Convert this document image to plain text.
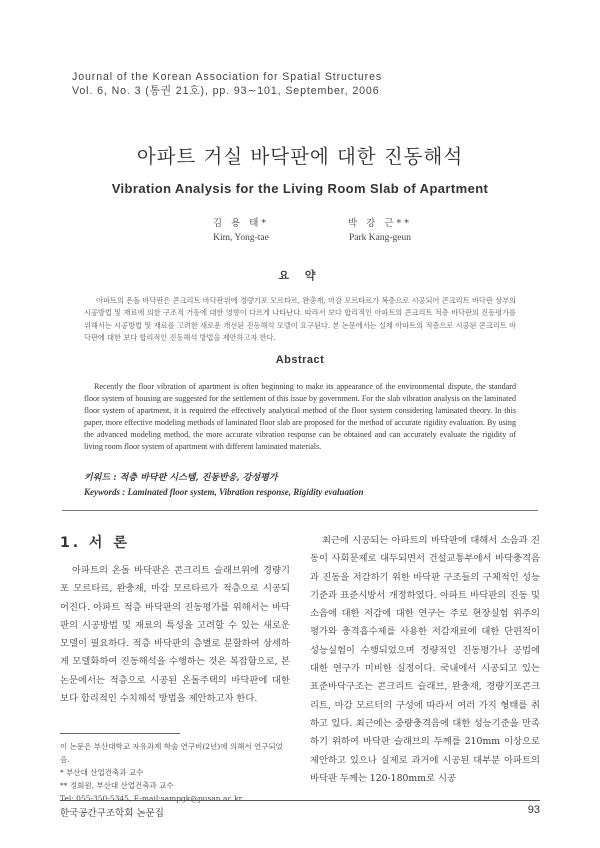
Journal of the Korean Association for Spatial Structures
Vol. 6, No. 3 (통권 21호), pp. 93∼101, September, 2006
아파트 거실 바닥판에 대한 진동해석
Vibration Analysis for the Living Room Slab of Apartment
김 용 태*
Kim, Yong-tae
박 강 근**
Park Kang-geun
요 약
아파트의 온돌 바닥판은 콘크리트 바닥판위에 경량기포 모르타르, 완충재, 마감 모르타르가 복층으로 시공되어 콘크리트 바닥판 상부의 시공방법 및 재료에 의한 구조적 거동에 대한 영향이 다르게 나타난다. 따라서 보다 합리적인 아파트의 콘크리트 적층 바닥판의 진동평가를 위해서는 시공방법 및 재료를 고려한 새로운 개선된 진동해석 모델이 요구된다. 본 논문에서는 실제 아파트의 적층으로 시공된 콘크리트 바닥판에 대한 보다 합리적인 진동해석 방법을 제안하고자 한다.
Abstract
Recently the floor vibration of apartment is often beginning to make its appearance of the environmental dispute, the standard floor system of housing are suggested for the settlement of this issue by government. For the slab vibration analysis on the laminated floor system of apartment, it is required the effectively analytical method of the floor system considering laminated theory. In this paper, more effective modeling methods of laminated floor slab are proposed for the method of accurate rigidity evaluation. By using the advanced modeling method, the more accurate vibration response can be obtained and can accurately evaluate the rigidity of living room floor system of apartment with different laminated materials.
키워드 : 적층 바닥판 시스템, 진동반응, 강성평가
Keywords : Laminated floor system, Vibration response, Rigidity evaluation
1. 서 론
아파트의 온돌 바닥판은 콘크리트 슬래브위에 경량기포 모르타르, 완충재, 마감 모르타르가 적층으로 시공되어진다. 아파트 적층 바닥판의 진동평가를 위해서는 바닥판의 시공방법 및 재료의 특성을 고려할 수 있는 새로운 모델이 필요하다. 적층 바닥판의 층별로 분할하여 상세하게 모델화하여 진동해석을 수행하는 것은 복잡함으로, 본 논문에서는 적층으로 시공된 온돌주택의 바닥판에 대한 보다 합리적인 수치해석 방법을 제안하고자 한다.
최근에 시공되는 아파트의 바닥판에 대해서 소음과 진동이 사회문제로 대두되면서 건설교통부에서 바닥충격음과 진동을 저감하기 위한 바닥판 구조들의 구체적인 성능기준과 표준시방서 개정하였다. 아파트 바닥판의 진동 및 소음에 대한 저감에 대한 연구는 주로 현장실험 위주의 평가와 충격흡수제를 사용한 저감재료에 대한 단편적이 성능실험이 수행되었으며 정량적인 진동평가나 공법에 대한 연구가 미비한 실정이다. 국내에서 시공되고 있는 표준바닥구조는 콘크리트 슬래브, 완충재, 경량기포콘크리트, 마감 모르터의 구성에 따라서 여러 가지 형태를 취하고 있다. 최근에는 중량충격음에 대한 성능기준을 만족하기 위하여 바닥판 슬래브의 두께를 210mm 이상으로 제안하고 있으나 실제로 과거에 시공된 대부분 아파트의 바닥판 두께는 120-180mm로 시공
이 논문은 부산대학교 자유과제 학술 연구비(2년)에 의해서 연구되었음.
* 부산대 산업건축과 교수
** 정회원, 부산대 산업건축과 교수
Tel: 055-350-5345, E-mail:sampgk@pusan.ac.kr
한국공간구조학회 논문집	93
